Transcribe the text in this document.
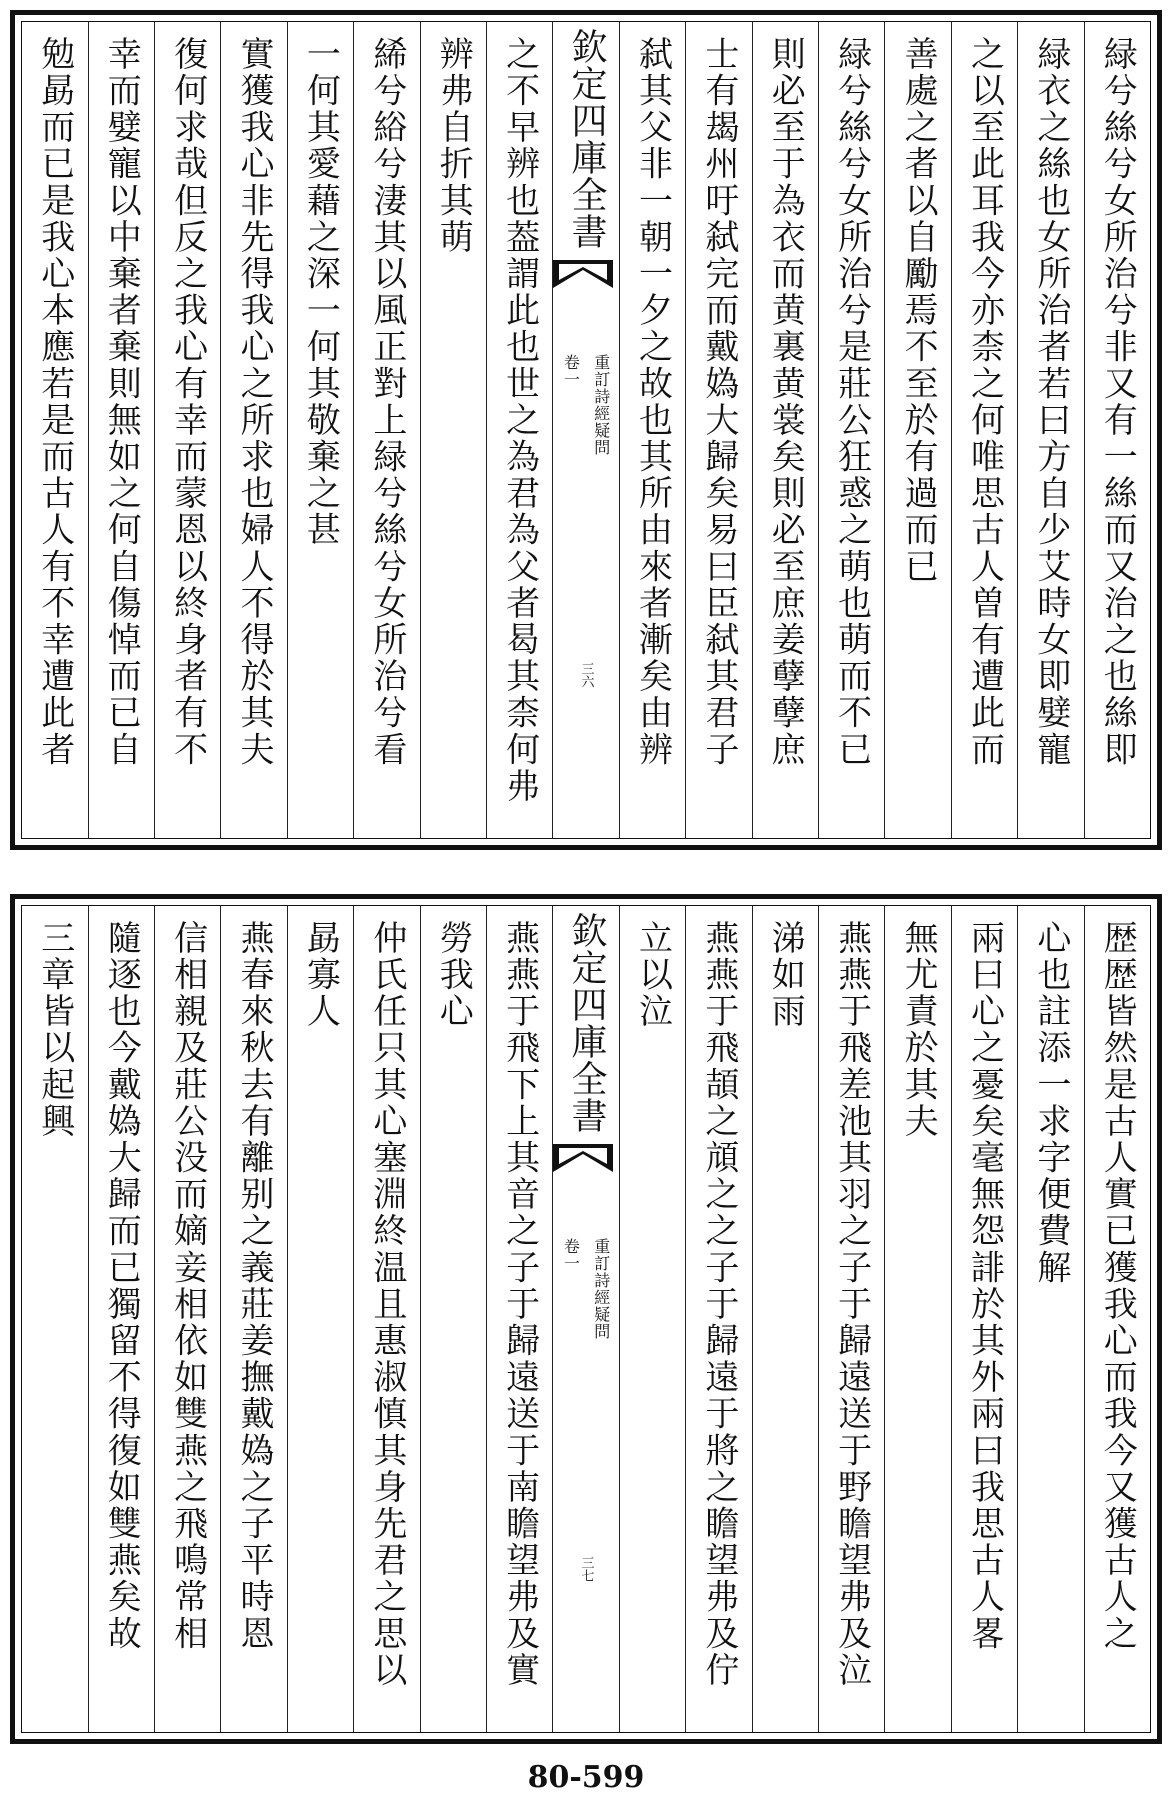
緑兮絲兮女所治兮非又有一絲而又治之也絲即
緑衣之絲也女所治者若曰方自少艾時女即嬖寵
之以至此耳我今亦柰之何唯思古人曽有遭此而
善處之者以自勵焉不至於有過而已
緑兮絲兮女所治兮是莊公狂惑之萌也萌而不已
則必至于為衣而黄裏黄裳矣則必至庶姜孽孽庶
士有朅州吁弑完而戴媯大歸矣易曰臣弑其君子
弑其父非一朝一夕之故也其所由來者漸矣由辨
欽定四庫全書
重訂詩經疑問
卷一
三六
之不早辨也葢謂此也世之為君為父者曷其柰何弗
辨弗自折其萌
絺兮綌兮淒其以風正對上緑兮絲兮女所治兮看
一何其愛藉之深一何其敬棄之甚
實獲我心非先得我心之所求也婦人不得於其夫
復何求哉但反之我心有幸而蒙恩以終身者有不
幸而嬖寵以中棄者棄則無如之何自傷悼而已自
勉勗而已是我心本應若是而古人有不幸遭此者
歴歴皆然是古人實已獲我心而我今又獲古人之
心也註添一求字便費解
兩曰心之憂矣毫無怨誹於其外兩曰我思古人畧
無尤責於其夫
燕燕于飛差池其羽之子于歸遠送于野瞻望弗及泣
涕如雨
燕燕于飛頡之頏之之子于歸遠于將之瞻望弗及佇
立以泣
欽定四庫全書
重訂詩經疑問
卷一
三七
燕燕于飛下上其音之子于歸遠送于南瞻望弗及實
勞我心
仲氏任只其心塞淵終温且惠淑慎其身先君之思以
勗寡人
燕春來秋去有離别之義莊姜撫戴媯之子平時恩
信相親及莊公没而嫡妾相依如雙燕之飛鳴常相
隨逐也今戴媯大歸而已獨留不得復如雙燕矣故
三章皆以起興
80-599
